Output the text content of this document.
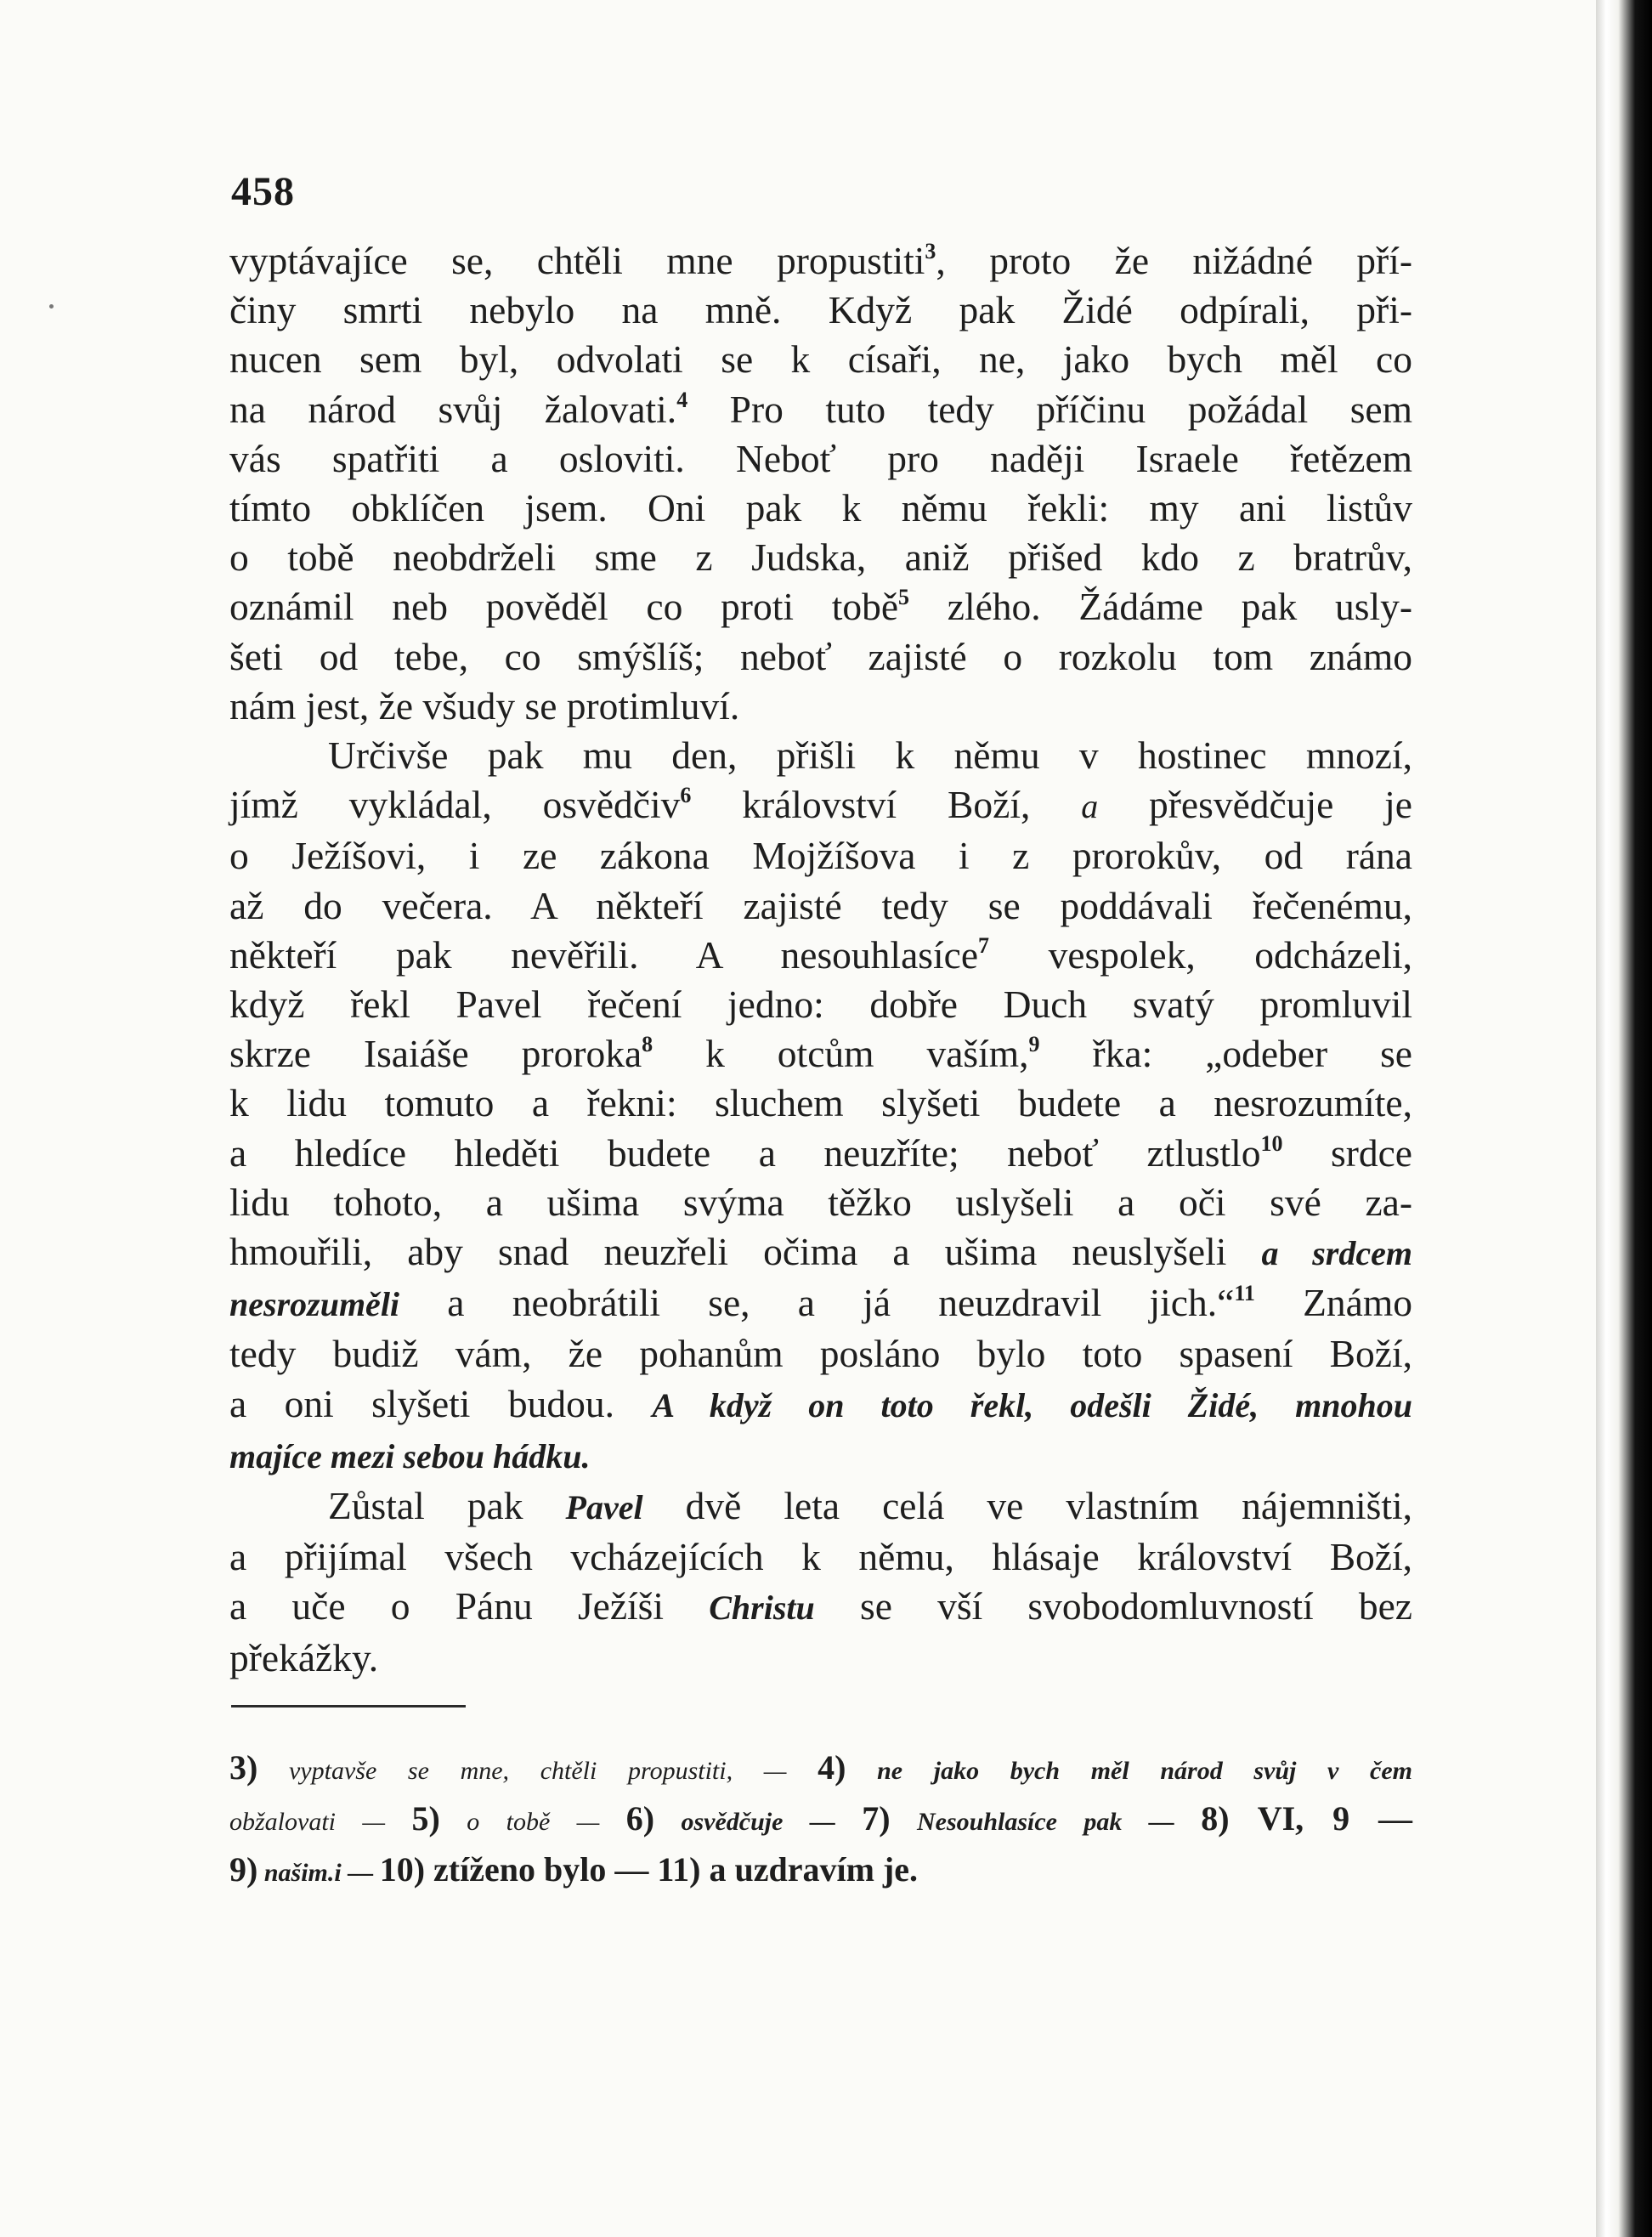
458
vyptávajíce se, chtěli mne propustiti$^3$, proto že nižádné pří-
činy smrti nebylo na mně. Když pak Židé odpírali, při-
nucen sem byl, odvolati se k císaři, ne, jako bych měl co
na národ svůj žalovati.$^4$ Pro tuto tedy příčinu požádal sem
vás spatřiti a osloviti. Neboť pro naději Israele řetězem
tímto obklíčen jsem. Oni pak k němu řekli: my ani listův
o tobě neobdrželi sme z Judska, aniž přišed kdo z bratrův,
oznámil neb pověděl co proti tobě$^5$ zlého. Žádáme pak usly-
šeti od tebe, co smýšlíš; neboť zajisté o rozkolu tom známo
nám jest, že všudy se protimluví.
Určivše pak mu den, přišli k němu v hostinec mnozí,
jímž vykládal, osvědčiv$^6$ království Boží, a přesvědčuje je
o Ježíšovi, i ze zákona Mojžíšova i z prorokův, od rána
až do večera. A někteří zajisté tedy se poddávali řečenému,
někteří pak nevěřili. A nesouhlasíce$^7$ vespolek, odcházeli,
když řekl Pavel řečení jedno: dobře Duch svatý promluvil
skrze Isaiáše proroka$^8$ k otcům vaším,$^9$ řka: „odeber se
k lidu tomuto a řekni: sluchem slyšeti budete a nesrozumíte,
a hledíce hleděti budete a neuzříte; neboť ztlustlo$^{10}$ srdce
lidu tohoto, a ušima svýma těžko uslyšeli a oči své za-
hmouřili, aby snad neuzřeli očima a ušima neuslyšeli a srdcem
nesrozuměli a neobrátili se, a já neuzdravil jich.“$^{11}$ Známo
tedy budiž vám, že pohanům posláno bylo toto spasení Boží,
a oni slyšeti budou. A když on toto řekl, odešli Židé, mnohou
majíce mezi sebou hádku.
Zůstal pak Pavel dvě leta celá ve vlastním nájemništi,
a přijímal všech vcházejících k němu, hlásaje království Boží,
a uče o Pánu Ježíši Christu se vší svobodomluvností bez
překážky.
3) vyptavše se mne, chtěli propustiti, — 4) ne jako bych měl národ svůj v čem
obžalovati — 5) o tobě — 6) osvědčuje — 7) Nesouhlasíce pak — 8) VI, 9 —
9) našim.i — 10) ztíženo bylo — 11) a uzdravím je.
